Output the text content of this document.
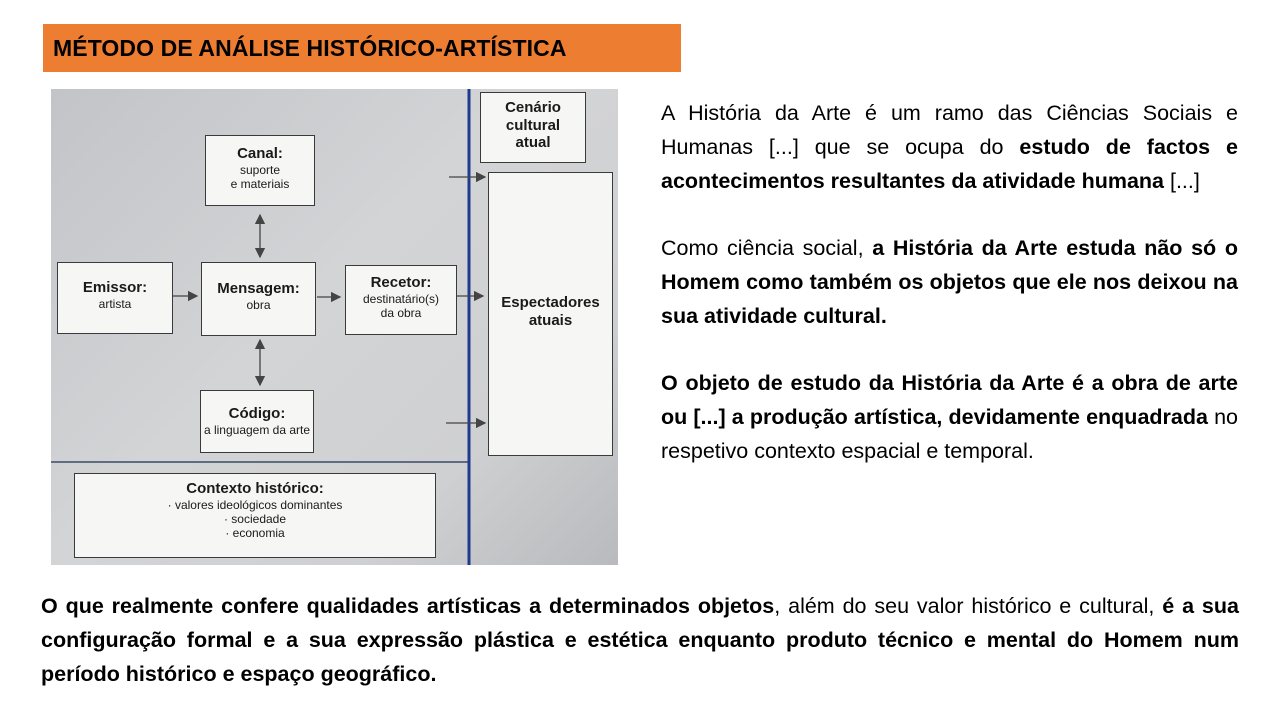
MÉTODO DE ANÁLISE HISTÓRICO-ARTÍSTICA
Cenário
cultural
atual
Canal:
suporte
e materiais
Emissor:
artista
Mensagem:
obra
Recetor:
destinatário(s)
da obra
Espectadores
atuais
Código:
a linguagem da arte
Contexto histórico:
· valores ideológicos dominantes
· sociedade
· economia

A História da Arte é um ramo das Ciências Sociais e Humanas [...] que se ocupa do estudo de factos e acontecimentos resultantes da atividade humana [...]

Como ciência social, a História da Arte estuda não só o Homem como também os objetos que ele nos deixou na sua atividade cultural.

O objeto de estudo da História da Arte é a obra de arte ou [...] a produção artística, devidamente enquadrada no respetivo contexto espacial e temporal.

O que realmente confere qualidades artísticas a determinados objetos, além do seu valor histórico e cultural, é a sua configuração formal e a sua expressão plástica e estética enquanto produto técnico e mental do Homem num período histórico e espaço geográfico.
